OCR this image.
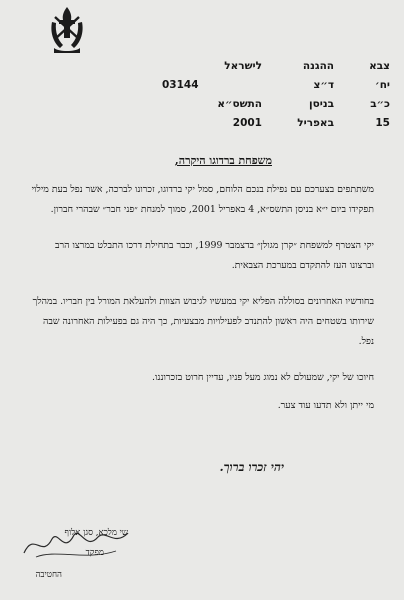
צבא
ההגנה
לישראל
יח׳
ד״צ
03144
כ״ב
בניסן
התשס״א
15
באפריל
2001
משפחת ברדוגו היקרה,

משתתפים בצערכם עם נפילת בנכם הלוחם, סמל יקי ברדוגו, זכרונו לברכה, אשר נפל בעת מילוי תפקידו ביום י״א בניסן התשס״א, 4 באפריל 2001, סמוך למנחת ״פני חבר״ שבהרי חברון.

יקי הצטרף למשפחת ״קרן מגולן״ בדצמבר 1999, וכבר בתחילת דרכו התבלט במרצו הרב וברצונו העז להתקדם במערכת הצבאית.

בחודשיו האחרונים בסוללה הפליא יקי במעשיו לגיבוש הצוות ולהעלאת המורל בין חבריו. במהלך שירותו בשטחים היה ראשון להתנדב לפעילויות מבצעיות, כך היה גם בפעילות האחרונה שבה נפל.

חיוכו של יקי, שמעולם לא נמוג מעל פניו, עדיין חרוט בזכרוננו.

מי ייתן ולא תדעו עוד צער.

יהי זכרו ברוך.
שי מלכא, סגן אלוף
מפקד
החטיבה
